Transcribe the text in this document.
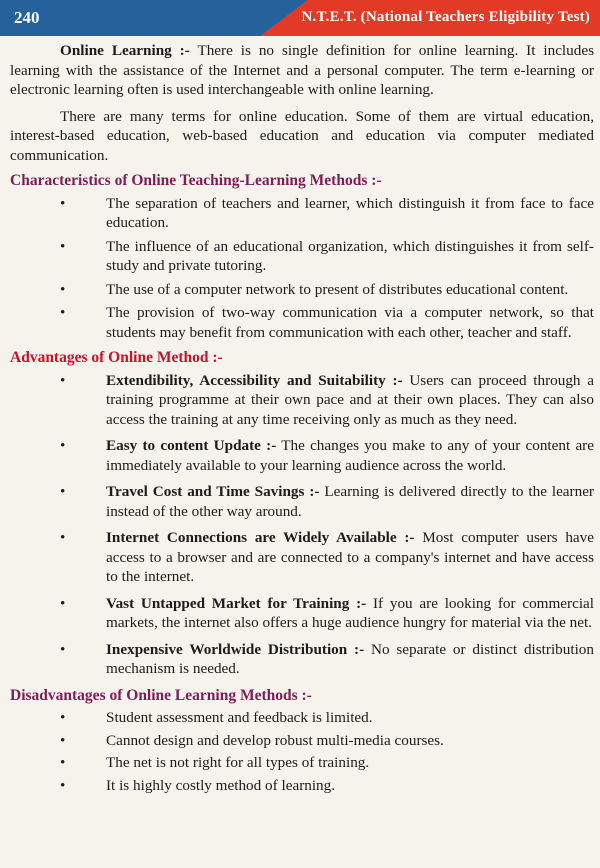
240	N.T.E.T. (National Teachers Eligibility Test)

Online Learning :- There is no single definition for online learning. It includes learning with the assistance of the Internet and a personal computer. The term e-learning or electronic learning often is used interchangeable with online learning.

There are many terms for online education. Some of them are virtual education, interest-based education, web-based education and education via computer mediated communication.

Characteristics of Online Teaching-Learning Methods :-
•	The separation of teachers and learner, which distinguish it from face to face education.
•	The influence of an educational organization, which distinguishes it from self-study and private tutoring.
•	The use of a computer network to present of distributes educational content.
•	The provision of two-way communication via a computer network, so that students may benefit from communication with each other, teacher and staff.
Advantages of Online Method :-
•	Extendibility, Accessibility and Suitability :- Users can proceed through a training programme at their own pace and at their own places. They can also access the training at any time receiving only as much as they need.
•	Easy to content Update :- The changes you make to any of your content are immediately available to your learning audience across the world.
•	Travel Cost and Time Savings :- Learning is delivered directly to the learner instead of the other way around.
•	Internet Connections are Widely Available :- Most computer users have access to a browser and are connected to a company's internet and have access to the internet.
•	Vast Untapped Market for Training :- If you are looking for commercial markets, the internet also offers a huge audience hungry for material via the net.
•	Inexpensive Worldwide Distribution :- No separate or distinct distribution mechanism is needed.
Disadvantages of Online Learning Methods :-
•	Student assessment and feedback is limited.
•	Cannot design and develop robust multi-media courses.
•	The net is not right for all types of training.
•	It is highly costly method of learning.
